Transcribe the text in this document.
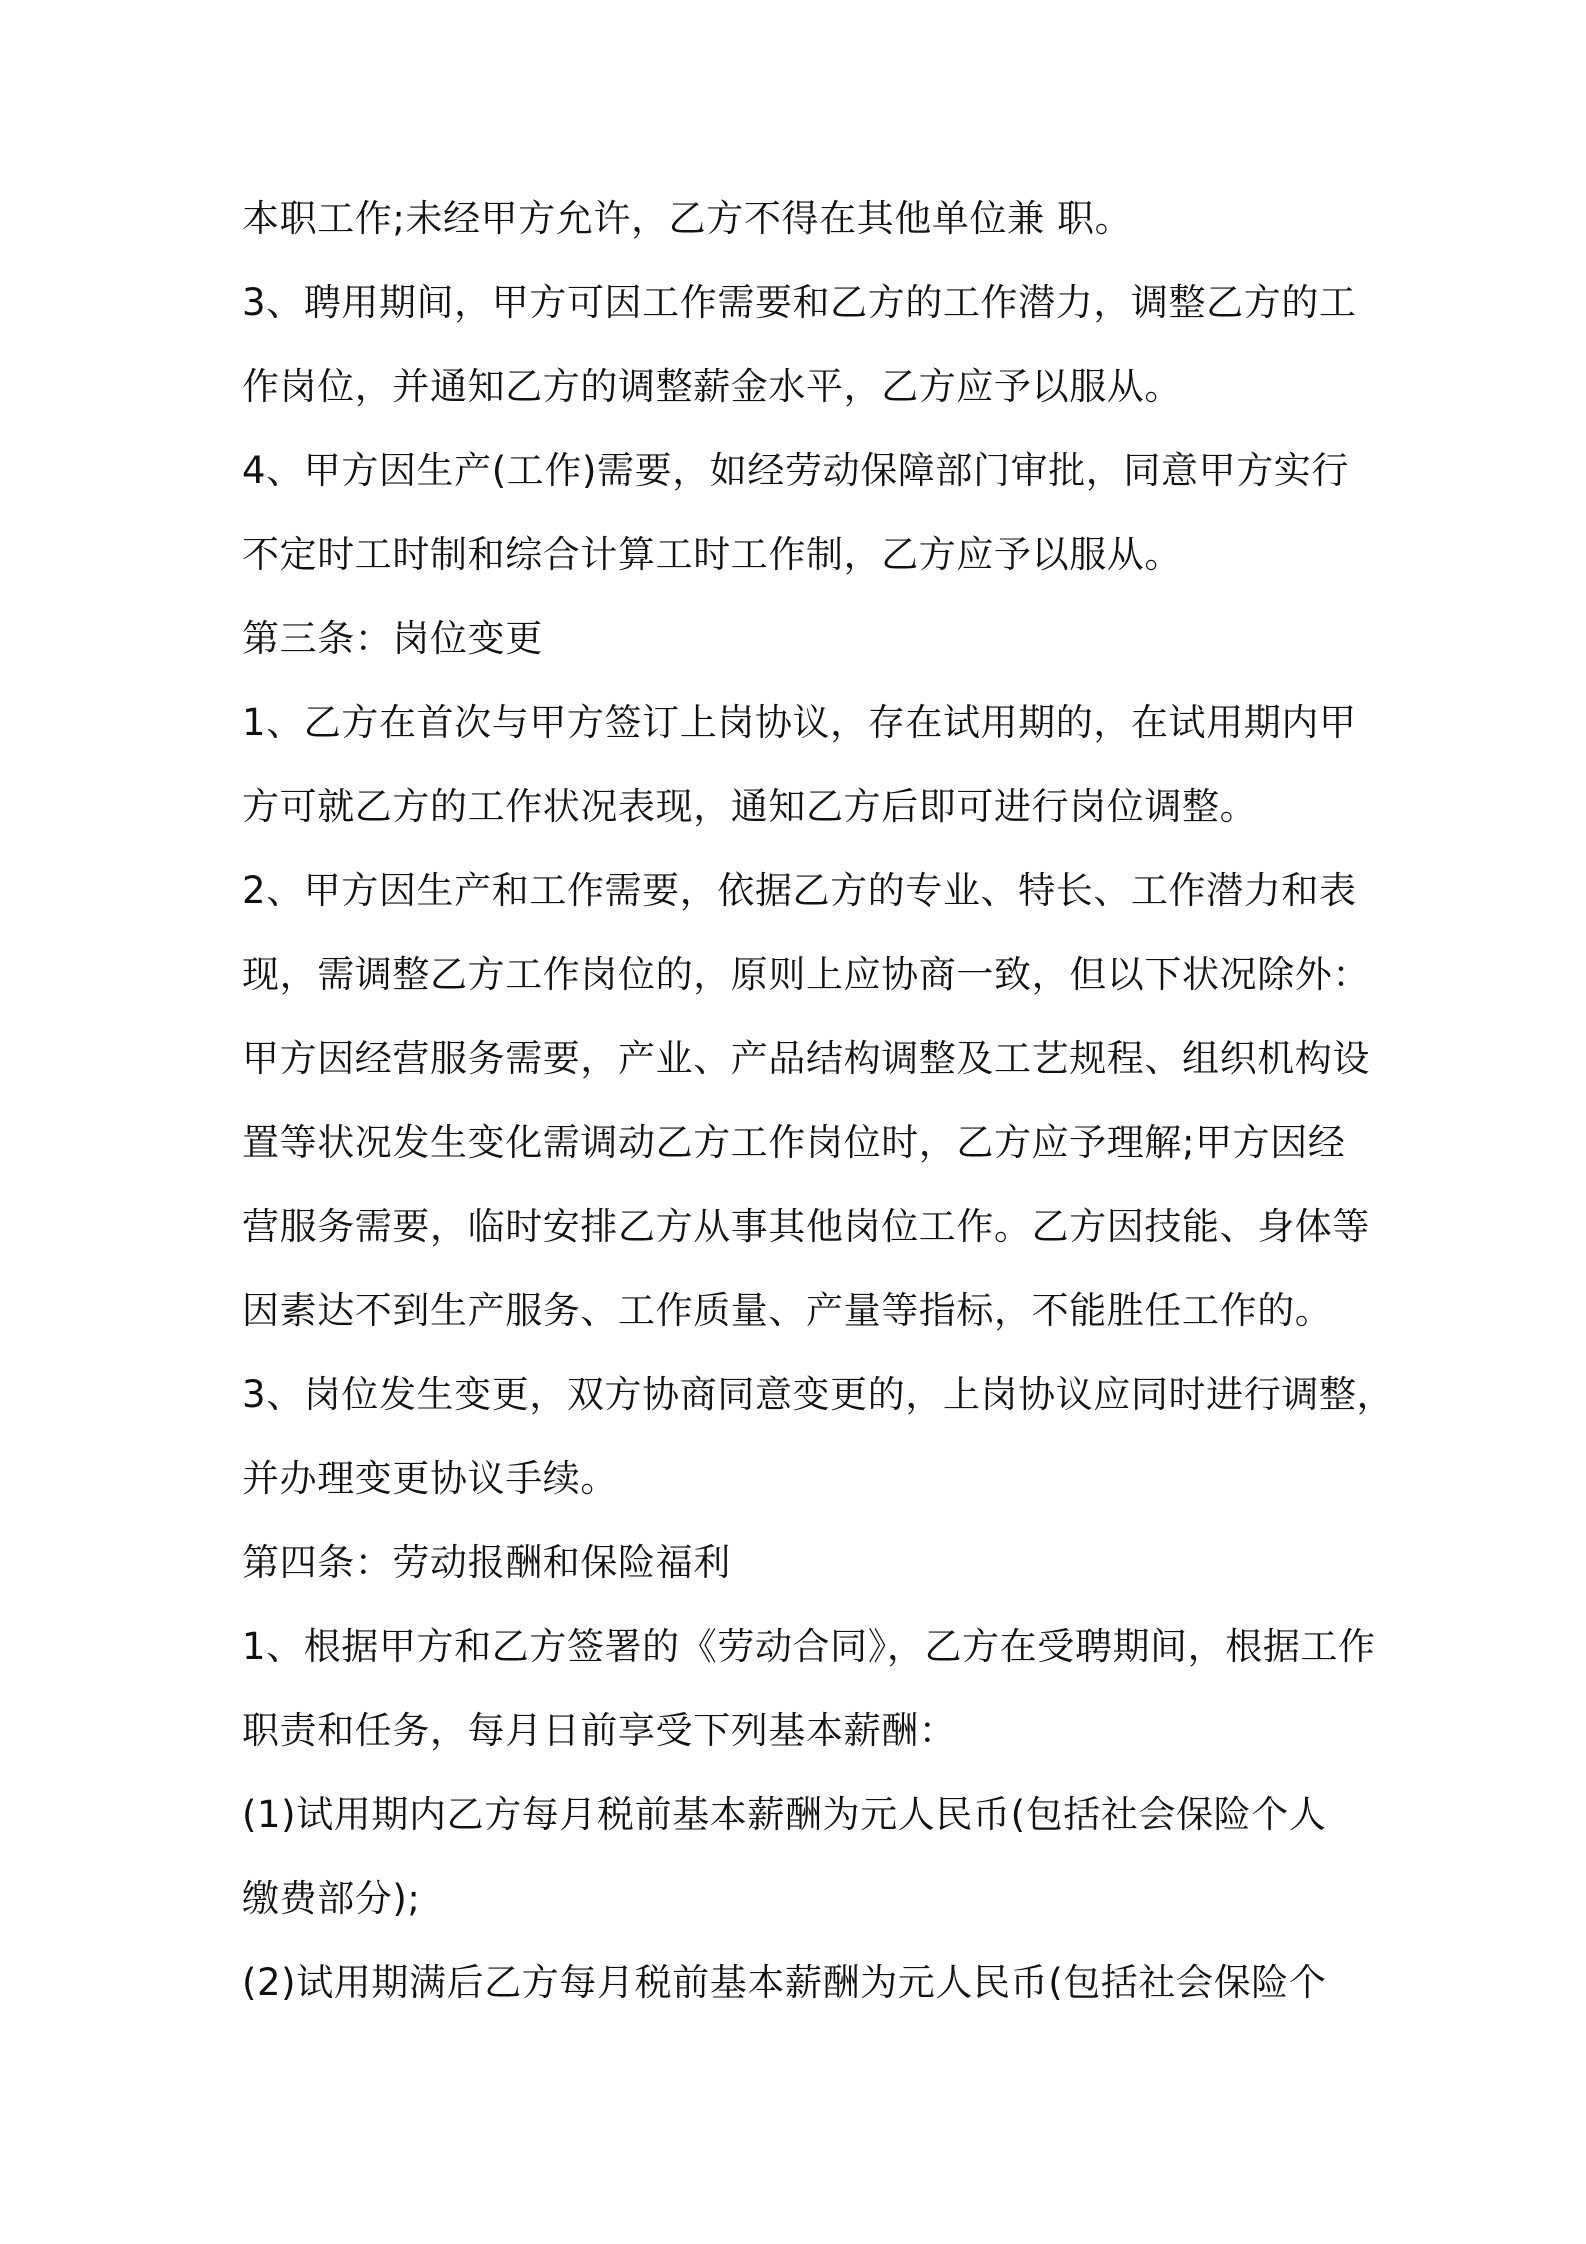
本职工作;未经甲方允许，乙方不得在其他单位兼 职。
3、聘用期间，甲方可因工作需要和乙方的工作潜力，调整乙方的工
作岗位，并通知乙方的调整薪金水平，乙方应予以服从。
4、甲方因生产(工作)需要，如经劳动保障部门审批，同意甲方实行
不定时工时制和综合计算工时工作制，乙方应予以服从。
第三条：岗位变更
1、乙方在首次与甲方签订上岗协议，存在试用期的，在试用期内甲
方可就乙方的工作状况表现，通知乙方后即可进行岗位调整。
2、甲方因生产和工作需要，依据乙方的专业、特长、工作潜力和表
现，需调整乙方工作岗位的，原则上应协商一致，但以下状况除外：
甲方因经营服务需要，产业、产品结构调整及工艺规程、组织机构设
置等状况发生变化需调动乙方工作岗位时，乙方应予理解;甲方因经
营服务需要，临时安排乙方从事其他岗位工作。乙方因技能、身体等
因素达不到生产服务、工作质量、产量等指标，不能胜任工作的。
3、岗位发生变更，双方协商同意变更的，上岗协议应同时进行调整，
并办理变更协议手续。
第四条：劳动报酬和保险福利
1、根据甲方和乙方签署的《劳动合同》，乙方在受聘期间，根据工作
职责和任务，每月日前享受下列基本薪酬：
(1)试用期内乙方每月税前基本薪酬为元人民币(包括社会保险个人
缴费部分);
(2)试用期满后乙方每月税前基本薪酬为元人民币(包括社会保险个
